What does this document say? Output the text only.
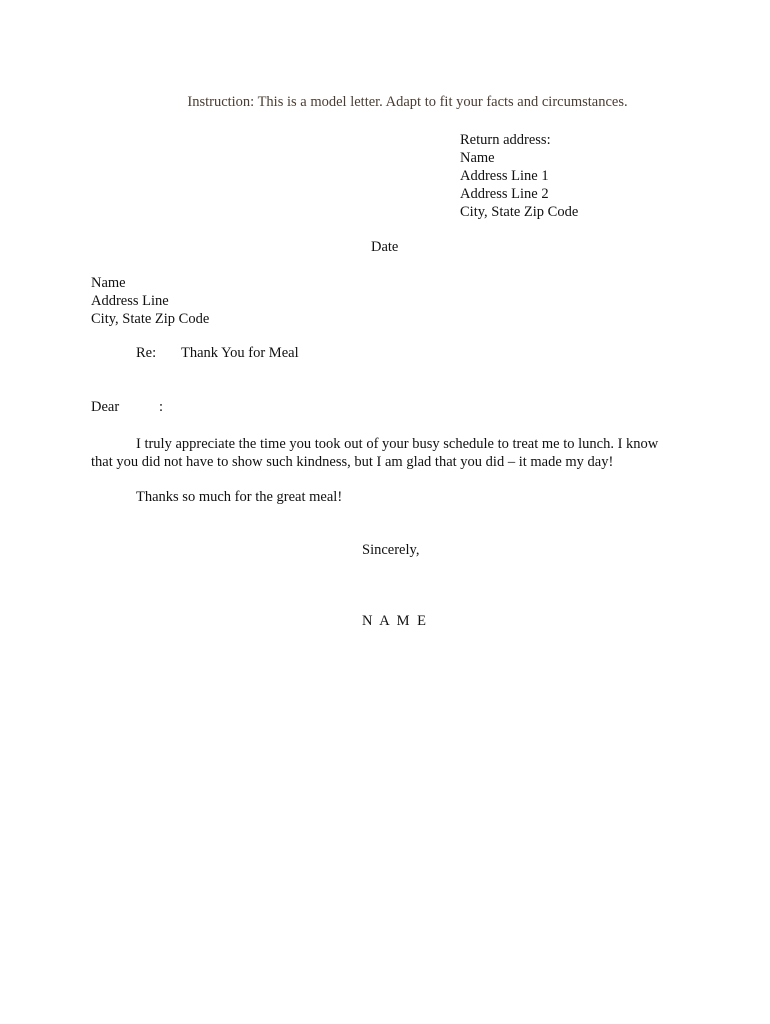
Instruction: This is a model letter. Adapt to fit your facts and circumstances.
Return address:
Name
Address Line 1
Address Line 2
City, State Zip Code
Date
Name
Address Line
City, State Zip Code
Re: Thank You for Meal
Dear	:
I truly appreciate the time you took out of your busy schedule to treat me to lunch. I know
that you did not have to show such kindness, but I am glad that you did – it made my day!
Thanks so much for the great meal!
Sincerely,
N A M E
